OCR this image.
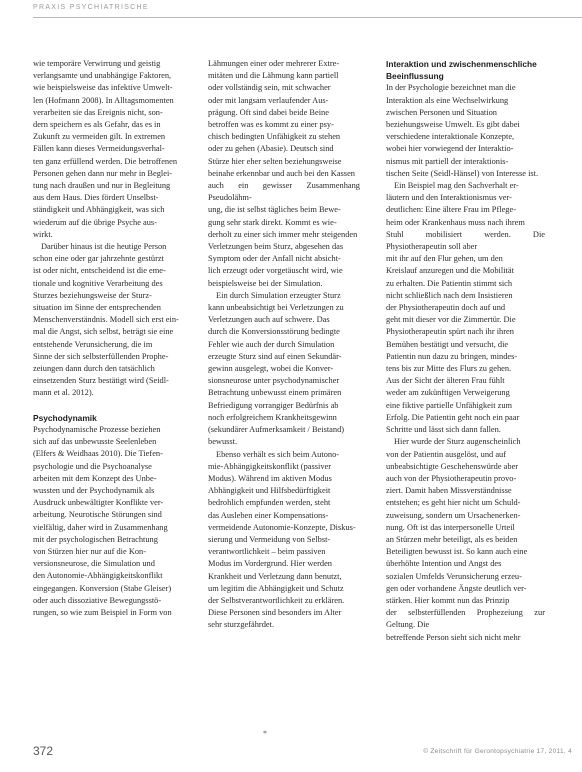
PRAXIS PSYCHIATRISCHE

wie temporäre Verwirrung und geistig
verlangsamte und unabhängige Faktoren,
wie beispielsweise das infektive Umwelt-
len (Hofmann 2008). In Alltagsmomenten
verarbeiten sie das Ereignis nicht, son-
dern speichern es als Gefahr, das es in
Zukunft zu vermeiden gilt. In extremen
Fällen kann dieses Vermeidungsverhal-
ten ganz erfüllend werden. Die betroffenen
Personen gehen dann nur mehr in Beglei-
tung nach draußen und nur in Begleitung
aus dem Haus. Dies fördert Unselbst-
ständigkeit und Abhängigkeit, was sich
wiederum auf die übrige Psyche aus-
wirkt.

Darüber hinaus ist die heutige Person
schon eine oder gar jahrzehnte gestürzt
ist oder nicht, entscheidend ist die eme-
tionale und kognitive Verarbeitung des
Sturzes beziehungsweise der Sturz-
situation im Sinne der entsprechenden
Menschenverständnis. Modell sich erst ein-
mal die Angst, sich selbst, beträgt sie eine
entstehende Verunsicherung, die im
Sinne der sich selbsterfüllenden Prophe-
zeiungen dann durch den tatsächlich
einsetzenden Sturz bestätigt wird (Seidl-
mann et al. 2012).

Psychodynamik

Psychodynamische Prozesse beziehen
sich auf das unbewusste Seelenleben
(Elfers & Weidhaas 2010). Die Tiefen-
psychologie und die Psychoanalyse
arbeiten mit dem Konzept des Unbe-
wussten und der Psychodynamik als
Ausdruck unbewältigter Konflikte ver-
arbeitung. Neurotische Störungen sind
vielfältig, daher wird in Zusammenhang
mit der psychologischen Betrachtung
von Stürzen hier nur auf die Kon-
versionsneurose, die Simulation und
den Autonomie-Abhängigkeitskonflikt
eingegangen. Konversion (Stabe Gleiser)
oder auch dissoziative Bewegungsstö-
rungen, so wie zum Beispiel in Form von

Lähmungen einer oder mehrerer Extre-
mitäten und die Lähmung kann partiell
oder vollständig sein, mit schwacher
oder mit langsam verlaufender Aus-
prägung. Oft sind dabei beide Beine
betroffen was es kommt zu einer psy-
chisch bedingten Unfähigkeit zu stehen
oder zu gehen (Abasie). Deutsch sind
Stürze hier eher selten beziehungsweise
beinahe erkennbar und auch bei den Kassen
auch ein gewisser Zusammenhang Pseudolähm-
ung, die ist selbst tägliches beim Bewe-
gung sehr stark direkt. Kommt es wie-
derholt zu einer sich immer mehr steigenden
Verletzungen beim Sturz, abgesehen das
Symptom oder der Anfall nicht absicht-
lich erzeugt oder vorgetäuscht wird, wie
beispielsweise bei der Simulation.

Ein durch Simulation erzeugter Sturz
kann unbeabsichtigt bei Verletzungen zu
Verletzungen auch auf schwere. Das
durch die Konversionsstörung bedingte
Fehler wie auch der durch Simulation
erzeugte Sturz sind auf einen Sekundär-
gewinn ausgelegt, wobei die Konver-
sionsneurose unter psychodynamischer
Betrachtung unbewusst einem primären
Befriedigung vorrangiger Bedürfnis ab
noch erfolgreichem Krankheitsgewinn
(sekundärer Aufmerksamkeit / Beistand)
bewusst.

Ebenso verhält es sich beim Autono-
mie-Abhängigkeitskonflikt (passiver
Modus). Während im aktiven Modus
Abhängigkeit und Hilfsbedürftigkeit
bedrohlich empfunden werden, steht
das Ausleben einer Kompensations-
vermeidende Autonomie-Konzepte, Diskus-
sierung und Vermeidung von Selbst-
verantwortlichkeit – beim passiven
Modus im Vordergrund. Hier werden
Krankheit und Verletzung dann benutzt,
um legitim die Abhängigkeit und Schutz
der Selbstverantwortlichkeit zu erklären.
Diese Personen sind besonders im Alter
sehr sturzgefährdet.

Interaktion und zwischenmenschliche
Beeinflussung

In der Psychologie bezeichnet man die
Interaktion als eine Wechselwirkung
zwischen Personen und Situation
beziehungsweise Umwelt. Es gibt dabei
verschiedene interaktionale Konzepte,
wobei hier vorwiegend der Interaktio-
nismus mit partiell der interaktionis-
tischen Seite (Seidl-Hänsel) von Interesse ist.

Ein Beispiel mag den Sachverhalt er-
läutern und den Interaktionismus ver-
deutlichen: Eine ältere Frau im Pflege-
heim oder Krankenhaus muss nach ihrem
Stuhl mobilisiert werden. Die Physiotherapeutin soll aber
mit ihr auf den Flur gehen, um den
Kreislauf anzuregen und die Mobilität
zu erhalten. Die Patientin stimmt sich
nicht schließlich nach dem Insistieren
der Physiotherapeutin doch auf und
geht mit dieser vor die Zimmertür. Die
Physiotherapeutin spürt nach ihr ihren
Bemühen bestätigt und versucht, die
Patientin nun dazu zu bringen, mindes-
tens bis zur Mitte des Flurs zu gehen.
Aus der Sicht der älteren Frau fühlt
weder am zukünftigen Verweigerung
eine fiktive partielle Unfähigkeit zum
Erfolg. Die Patientin geht noch ein paar
Schritte und lässt sich dann fallen.

Hier wurde der Sturz augenscheinlich
von der Patientin ausgelöst, und auf
unbeabsichtigte Geschehenswürde aber
auch von der Physiotherapeutin provo-
ziert. Damit haben Missverständnisse
entstehen; es geht hier nicht um Schuld-
zuweisung, sondern um Ursachenerken-
nung. Oft ist das interpersonelle Urteil
an Stürzen mehr beteiligt, als es beiden
Beteiligten bewusst ist. So kann auch eine
überhöhte Intention und Angst des
sozialen Umfelds Verunsicherung erzeu-
gen oder vorhandene Ängste deutlich ver-
stärken. Hier kommt nun das Prinzip
der selbsterfüllenden Prophezeiung zur Geltung. Die
betreffende Person sieht sich nicht mehr

*
372	© Zeitschrift für Gerontopsychiatrie 17, 2011, 4
